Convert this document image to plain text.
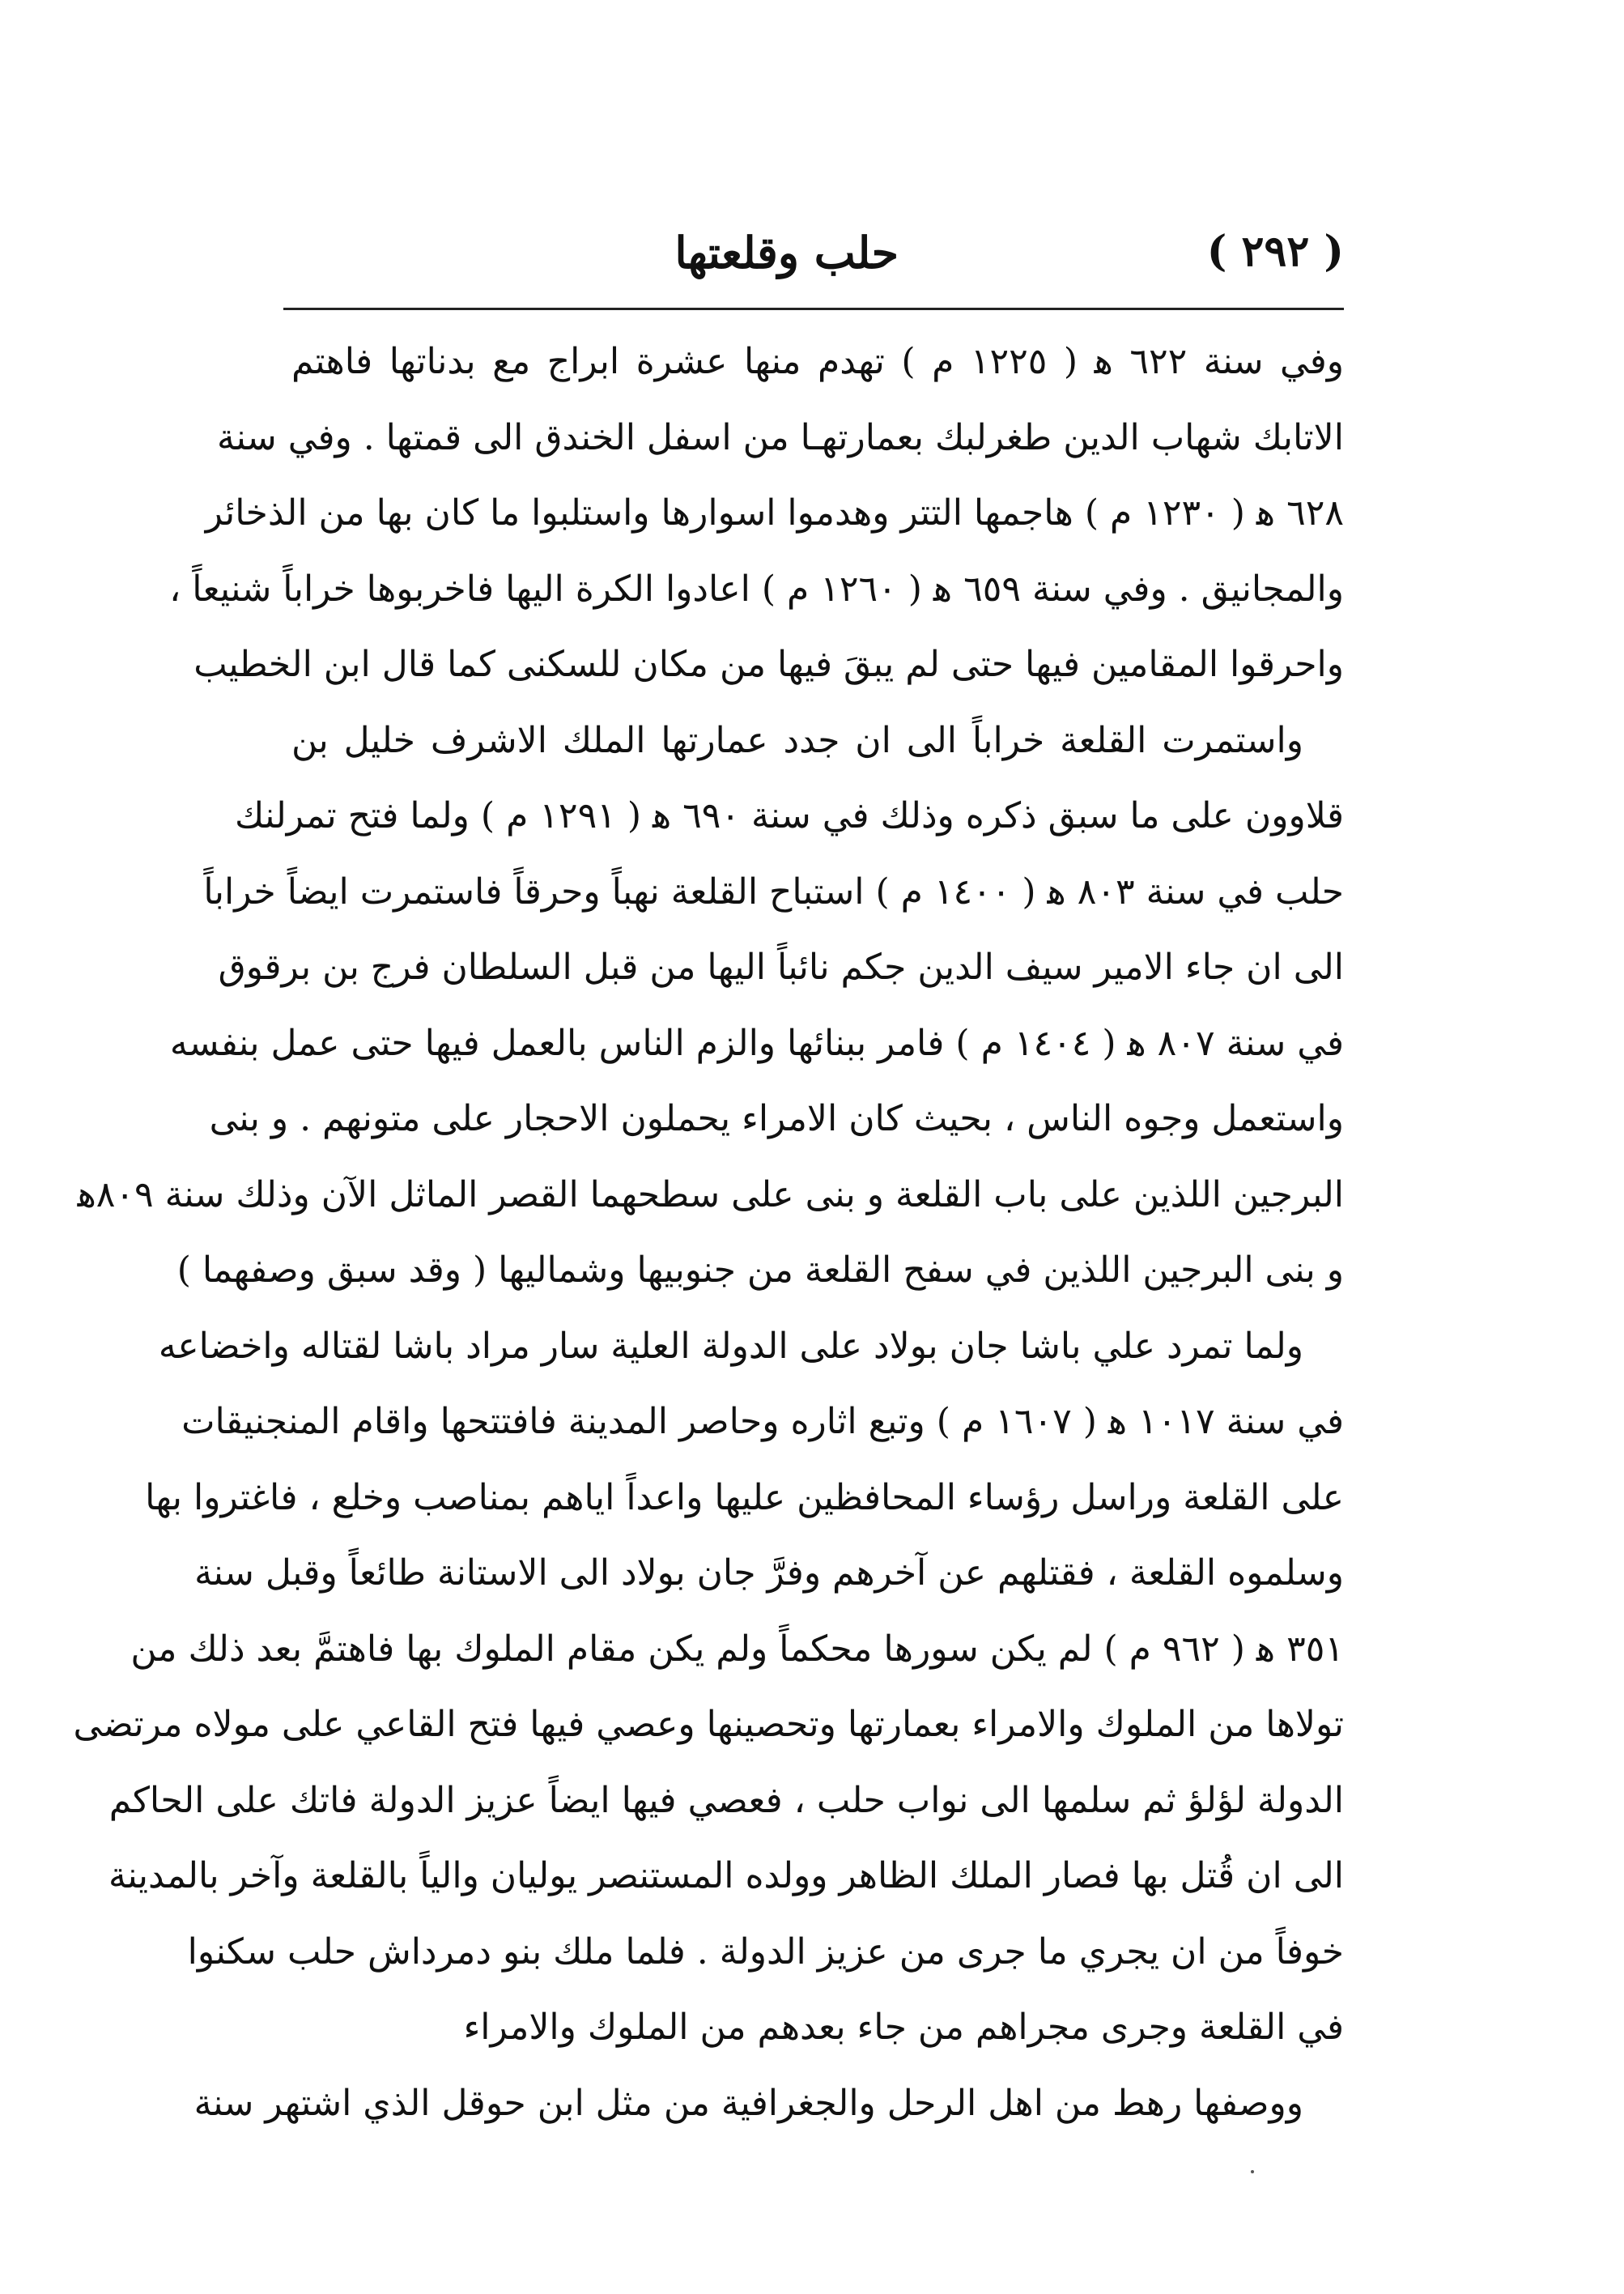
( ٢٩٢ )
حلب وقلعتها
وفي سنة ٦٢٢ ﻫ ( ١٢٢٥ م ) تهدم منها عشرة ابراج مع بدناتها فاهتم
الاتابك شهاب الدين طغرلبك بعمارتهـا من اسفل الخندق الى قمتها . وفي سنة
٦٢٨ ﻫ ( ١٢٣٠ م ) هاجمها التتر وهدموا اسوارها واستلبوا ما كان بها من الذخائر
والمجانيق . وفي سنة ٦٥٩ ﻫ ( ١٢٦٠ م ) اعادوا الكرة اليها فاخربوها خراباً شنيعاً ،
واحرقوا المقامين فيها حتى لم يبقَ فيها من مكان للسكنى كما قال ابن الخطيب
واستمرت القلعة خراباً الى ان جدد عمارتها الملك الاشرف خليل بن
قلاوون على ما سبق ذكره وذلك في سنة ٦٩٠ ﻫ ( ١٢٩١ م ) ولما فتح تمرلنك
حلب في سنة ٨٠٣ ﻫ ( ١٤٠٠ م ) استباح القلعة نهباً وحرقاً فاستمرت ايضاً خراباً
الى ان جاء الامير سيف الدين جكم نائباً اليها من قبل السلطان فرج بن برقوق
في سنة ٨٠٧ ﻫ ( ١٤٠٤ م ) فامر ببنائها والزم الناس بالعمل فيها حتى عمل بنفسه
واستعمل وجوه الناس ، بحيث كان الامراء يحملون الاحجار على متونهم . و بنى
البرجين اللذين على باب القلعة و بنى على سطحهما القصر الماثل الآن وذلك سنة ٨٠٩ﻫ
و بنى البرجين اللذين في سفح القلعة من جنوبيها وشماليها ( وقد سبق وصفهما )
ولما تمرد علي باشا جان بولاد على الدولة العلية سار مراد باشا لقتاله واخضاعه
في سنة ١٠١٧ ﻫ ( ١٦٠٧ م ) وتبع اثاره وحاصر المدينة فافتتحها واقام المنجنيقات
على القلعة وراسل رؤساء المحافظين عليها واعداً اياهم بمناصب وخلع ، فاغتروا بها
وسلموه القلعة ، فقتلهم عن آخرهم وفرَّ جان بولاد الى الاستانة طائعاً وقبل سنة
٣٥١ ﻫ ( ٩٦٢ م ) لم يكن سورها محكماً ولم يكن مقام الملوك بها فاهتمَّ بعد ذلك من
تولاها من الملوك والامراء بعمارتها وتحصينها وعصي فيها فتح القاعي على مولاه مرتضى
الدولة لؤلؤ ثم سلمها الى نواب حلب ، فعصي فيها ايضاً عزيز الدولة فاتك على الحاكم
الى ان قُتل بها فصار الملك الظاهر وولده المستنصر يوليان والياً بالقلعة وآخر بالمدينة
خوفاً من ان يجري ما جرى من عزيز الدولة . فلما ملك بنو دمرداش حلب سكنوا
في القلعة وجرى مجراهم من جاء بعدهم من الملوك والامراء
ووصفها رهط من اهل الرحل والجغرافية من مثل ابن حوقل الذي اشتهر سنة
